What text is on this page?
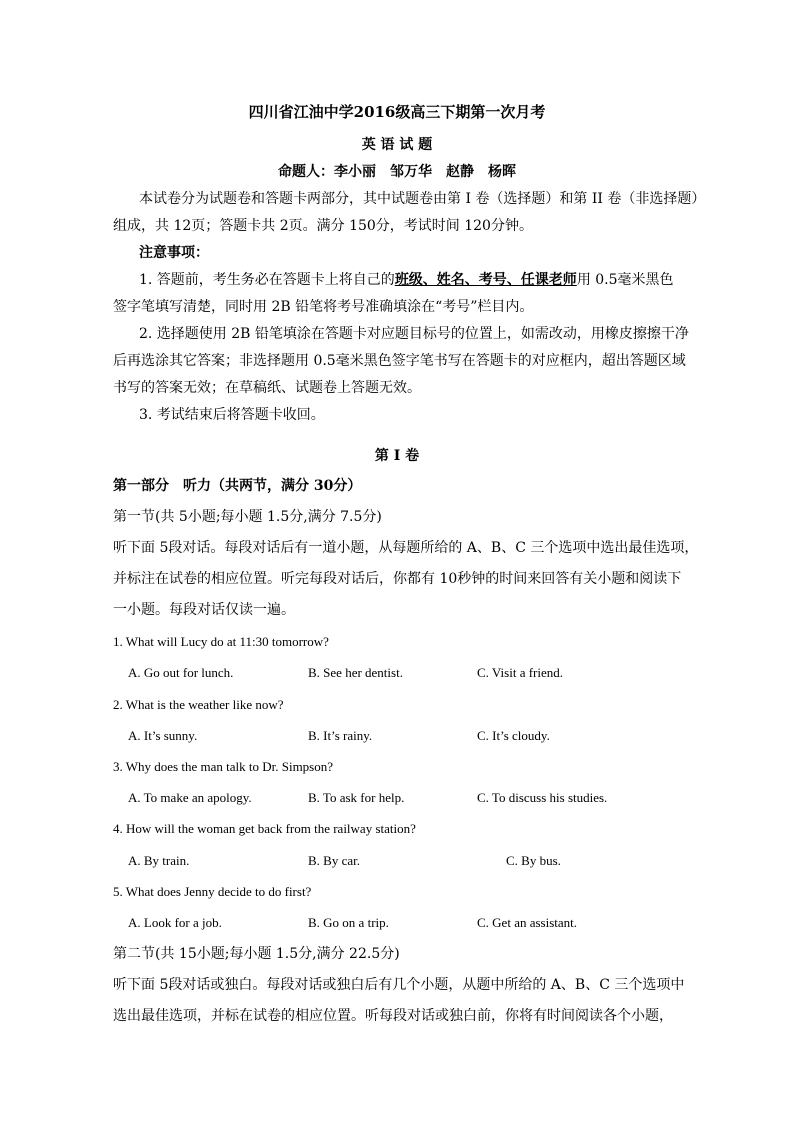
四川省江油中学2016级高三下期第一次月考
英 语 试 题
命题人：李小丽　邹万华　赵静　杨晖
本试卷分为试题卷和答题卡两部分，其中试题卷由第 I 卷（选择题）和第 II 卷（非选择题）
组成，共 12页；答题卡共 2页。满分 150分，考试时间 120分钟。
注意事项：
1. 答题前，考生务必在答题卡上将自己的班级、姓名、考号、任课老师用 0.5毫米黑色
签字笔填写清楚，同时用 2B 铅笔将考号准确填涂在“考号”栏目内。
2. 选择题使用 2B 铅笔填涂在答题卡对应题目标号的位置上，如需改动，用橡皮擦擦干净
后再选涂其它答案；非选择题用 0.5毫米黑色签字笔书写在答题卡的对应框内，超出答题区域
书写的答案无效；在草稿纸、试题卷上答题无效。
3. 考试结束后将答题卡收回。
第 I 卷
第一部分　听力（共两节，满分 30分）
第一节(共 5小题;每小题 1.5分,满分 7.5分)
听下面 5段对话。每段对话后有一道小题，从每题所给的 A、B、C 三个选项中选出最佳选项，
并标注在试卷的相应位置。听完每段对话后，你都有 10秒钟的时间来回答有关小题和阅读下
一小题。每段对话仅读一遍。
1. What will Lucy do at 11:30 tomorrow?
A. Go out for lunch.	B. See her dentist.	C. Visit a friend.
2. What is the weather like now?
A. It’s sunny.	B. It’s rainy.	C. It’s cloudy.
3. Why does the man talk to Dr. Simpson?
A. To make an apology.	B. To ask for help.	C. To discuss his studies.
4. How will the woman get back from the railway station?
A. By train.	B. By car.	C. By bus.
5. What does Jenny decide to do first?
A. Look for a job.	B. Go on a trip.	C. Get an assistant.
第二节(共 15小题;每小题 1.5分,满分 22.5分)
听下面 5段对话或独白。每段对话或独白后有几个小题，从题中所给的 A、B、C 三个选项中
选出最佳选项，并标在试卷的相应位置。听每段对话或独白前，你将有时间阅读各个小题，
